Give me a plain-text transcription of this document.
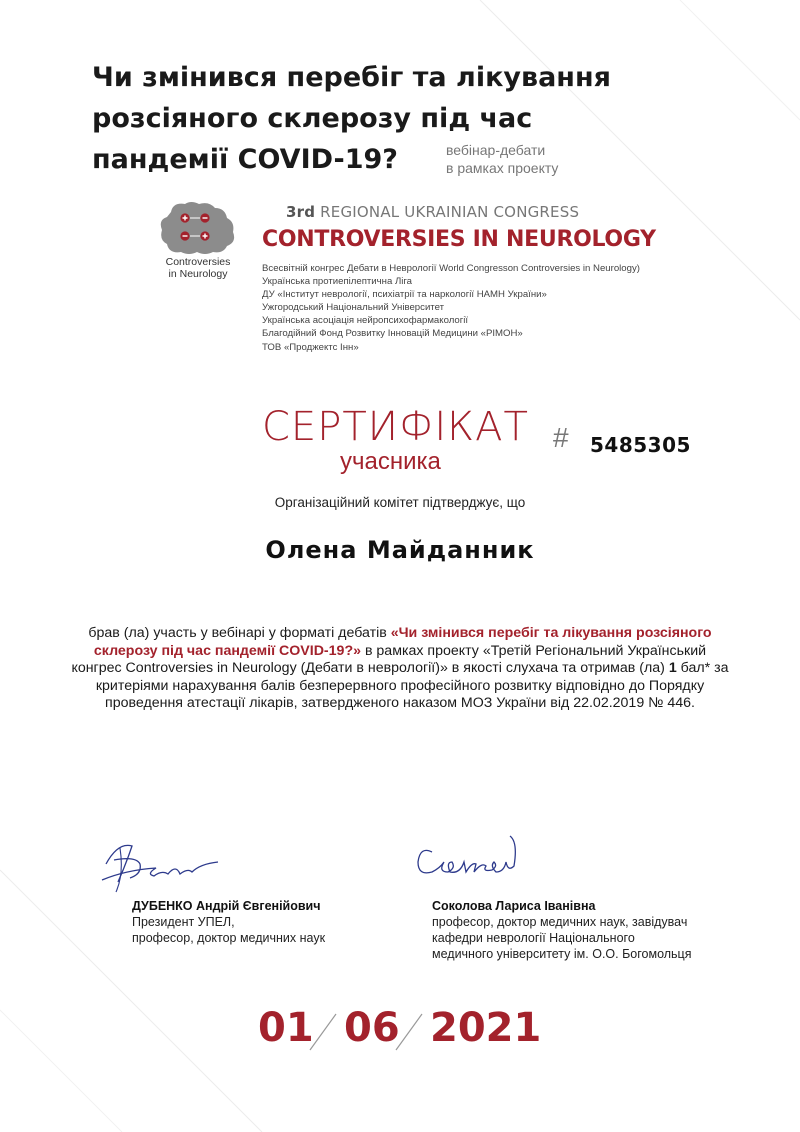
Чи змінився перебіг та лікування
розсіяного склерозу під час
пандемії COVID-19?	вебінар-дебати
в рамках проекту
Controversies
in Neurology
3rd REGIONAL UKRAINIAN CONGRESS
CONTROVERSIES IN NEUROLOGY
Всесвітній конгрес Дебати в Неврології World Congresson Controversies in Neurology)
Українська протиепілептична Ліга
ДУ «Інститут неврології, психіатрії та наркології НАМН України»
Ужгородський Національний Університет
Українська асоціація нейропсихофармакології
Благодійний Фонд Розвитку Інновацій Медицини «РІМОН»
ТОВ «Проджектс Інн»
СЕРТИФІКАТ
учасника
# 5485305
Організаційний комітет підтверджує, що
Олена Майданник
брав (ла) участь у вебінарі у форматі дебатів «Чи змінився перебіг та лікування розсіяного склерозу під час пандемії COVID-19?» в рамках проекту «Третій Регіональний Український конгрес Controversies in Neurology (Дебати в неврології)» в якості слухача та отримав (ла) 1 бал* за критеріями нарахування балів безперервного професійного розвитку відповідно до Порядку проведення атестації лікарів, затвердженого наказом МОЗ України від 22.02.2019 № 446.
ДУБЕНКО Андрій Євгенійович
Президент УПЕЛ,
професор, доктор медичних наук
Соколова Лариса Іванівна
професор, доктор медичних наук, завідувач
кафедри неврології Національного
медичного університету ім. О.О. Богомольця
01 06 2021
